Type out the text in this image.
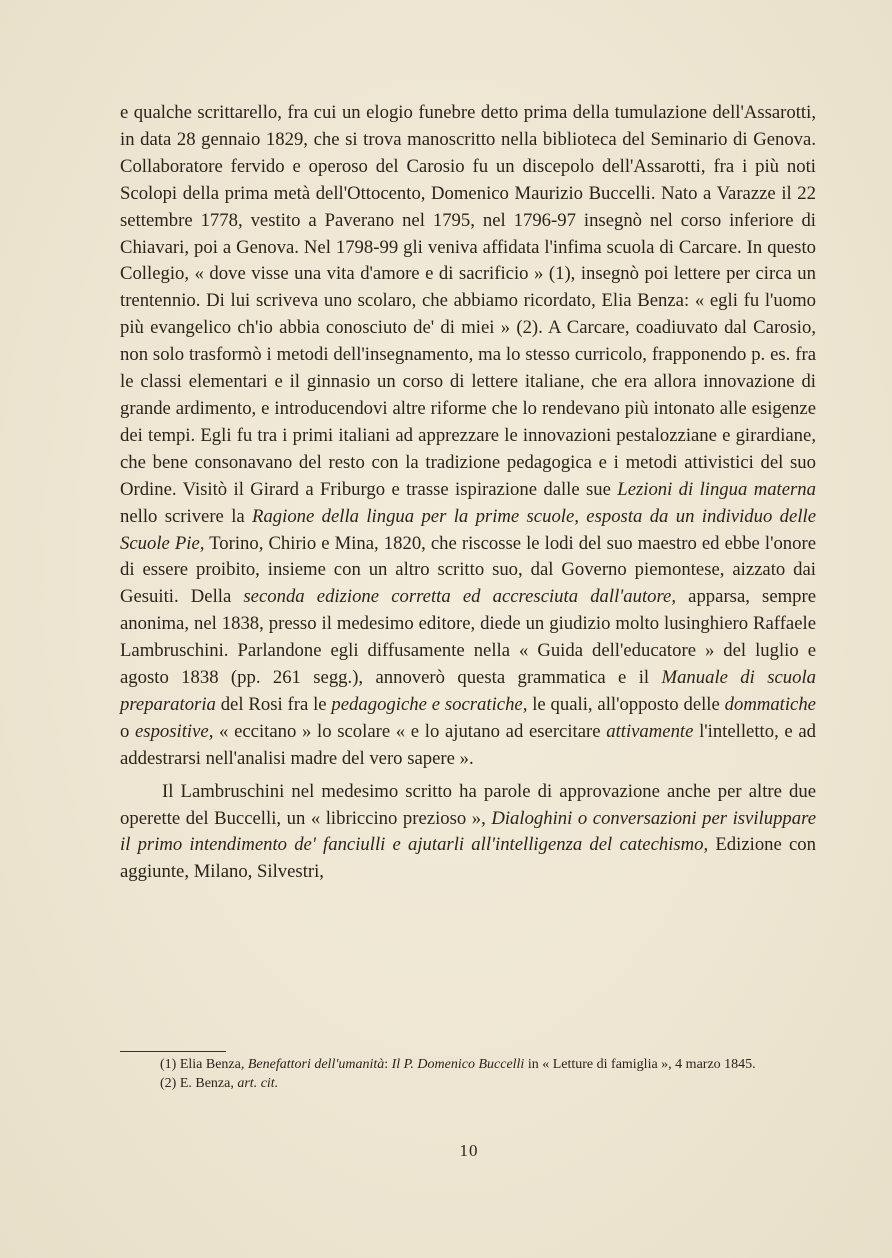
e qualche scrittarello, fra cui un elogio funebre detto prima della tumulazione dell'Assarotti, in data 28 gennaio 1829, che si trova manoscritto nella biblioteca del Seminario di Genova. Collaboratore fervido e operoso del Carosio fu un discepolo dell'Assarotti, fra i più noti Scolopi della prima metà dell'Ottocento, Domenico Maurizio Buccelli. Nato a Varazze il 22 settembre 1778, vestito a Paverano nel 1795, nel 1796-97 insegnò nel corso inferiore di Chiavari, poi a Genova. Nel 1798-99 gli veniva affidata l'infima scuola di Carcare. In questo Collegio, « dove visse una vita d'amore e di sacrificio » (1), insegnò poi lettere per circa un trentennio. Di lui scriveva uno scolaro, che abbiamo ricordato, Elia Benza: « egli fu l'uomo più evangelico ch'io abbia conosciuto de' di miei » (2). A Carcare, coadiuvato dal Carosio, non solo trasformò i metodi dell'insegnamento, ma lo stesso curricolo, frapponendo p. es. fra le classi elementari e il ginnasio un corso di lettere italiane, che era allora innovazione di grande ardimento, e introducendovi altre riforme che lo rendevano più intonato alle esigenze dei tempi. Egli fu tra i primi italiani ad apprezzare le innovazioni pestalozziane e girardiane, che bene consonavano del resto con la tradizione pedagogica e i metodi attivistici del suo Ordine. Visitò il Girard a Friburgo e trasse ispirazione dalle sue Lezioni di lingua materna nello scrivere la Ragione della lingua per la prime scuole, esposta da un individuo delle Scuole Pie, Torino, Chirio e Mina, 1820, che riscosse le lodi del suo maestro ed ebbe l'onore di essere proibito, insieme con un altro scritto suo, dal Governo piemontese, aizzato dai Gesuiti. Della seconda edizione corretta ed accresciuta dall'autore, apparsa, sempre anonima, nel 1838, presso il medesimo editore, diede un giudizio molto lusinghiero Raffaele Lambruschini. Parlandone egli diffusamente nella « Guida dell'educatore » del luglio e agosto 1838 (pp. 261 segg.), annoverò questa grammatica e il Manuale di scuola preparatoria del Rosi fra le pedagogiche e socratiche, le quali, all'opposto delle dommatiche o espositive, « eccitano » lo scolare « e lo ajutano ad esercitare attivamente l'intelletto, e ad addestrarsi nell'analisi madre del vero sapere ».

Il Lambruschini nel medesimo scritto ha parole di approvazione anche per altre due operette del Buccelli, un « libriccino prezioso », Dialoghini o conversazioni per isviluppare il primo intendimento de' fanciulli e ajutarli all'intelligenza del catechismo, Edizione con aggiunte, Milano, Silvestri,

(1) Elia Benza, Benefattori dell'umanità: Il P. Domenico Buccelli in « Letture di famiglia », 4 marzo 1845.

(2) E. Benza, art. cit.

10
